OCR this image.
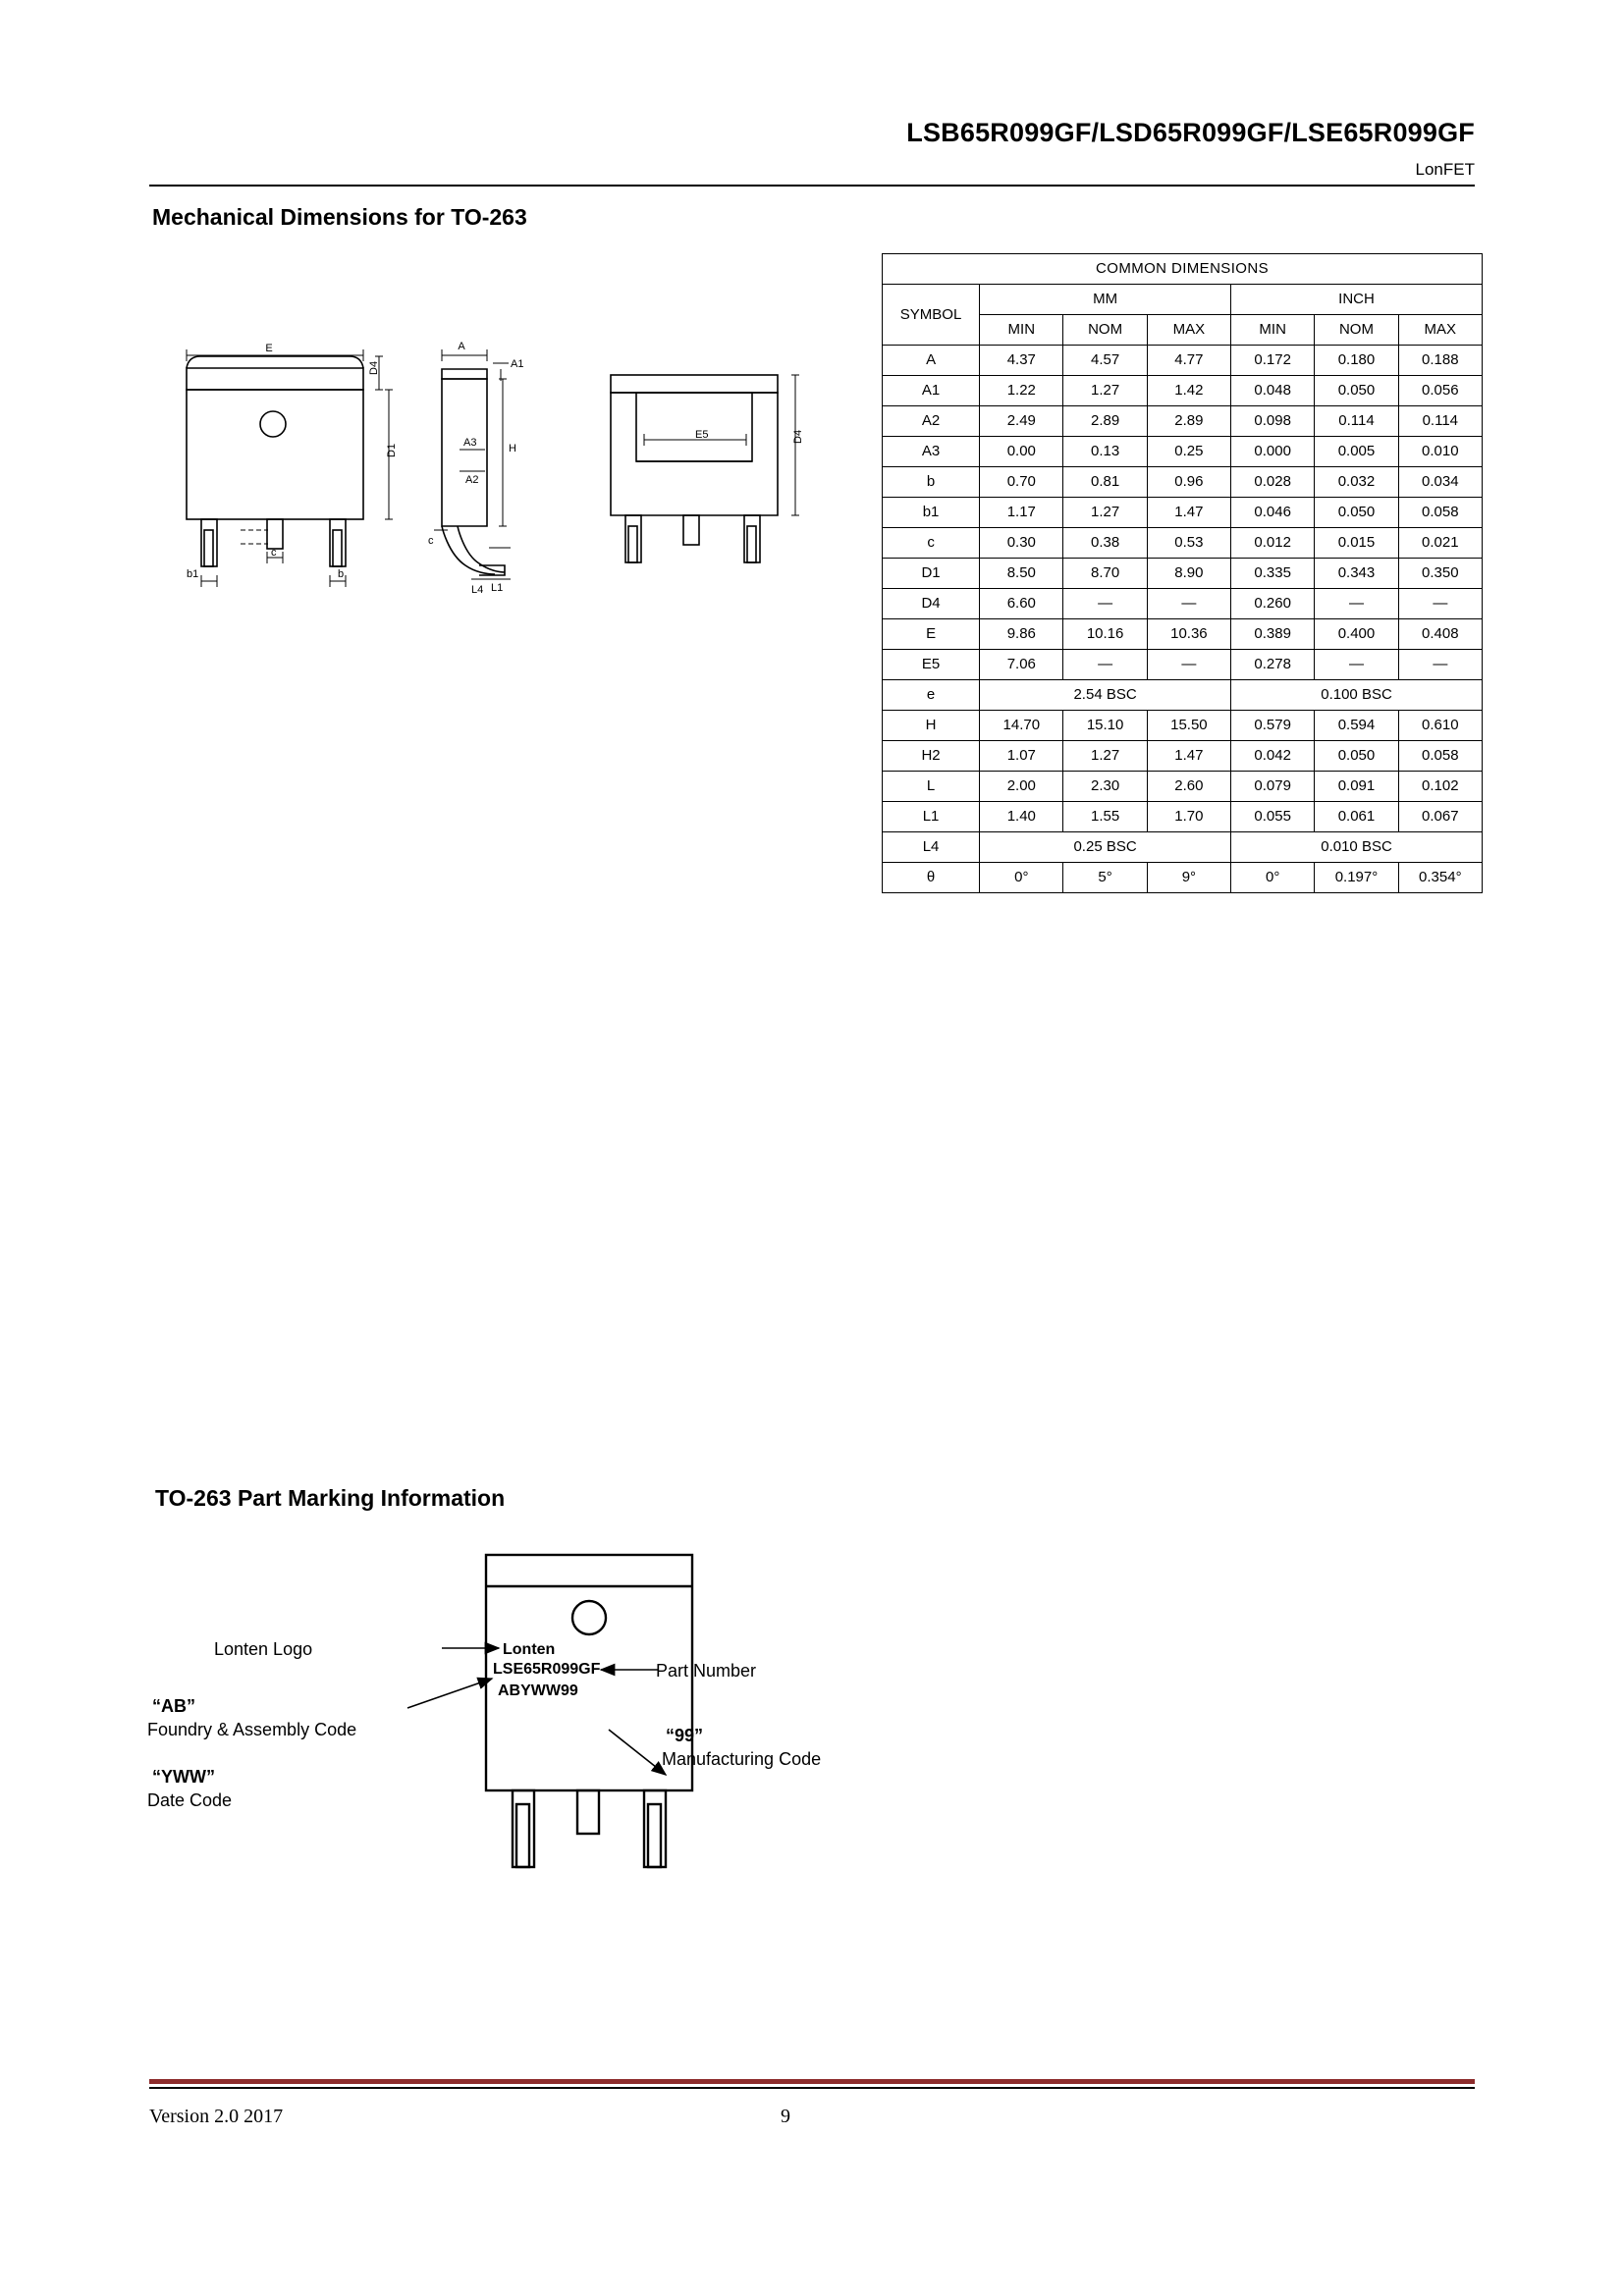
LSB65R099GF/LSD65R099GF/LSE65R099GF
LonFET
Mechanical Dimensions for TO-263
E
D4
D1
b1
c
b
A
A1
A3
A2
H
c
L4 L1
D4
E5
COMMON DIMENSIONS						
SYMBOL	MM			INCH		
	MIN	NOM	MAX	MIN	NOM	MAX
A	4.37	4.57	4.77	0.172	0.180	0.188
A1	1.22	1.27	1.42	0.048	0.050	0.056
A2	2.49	2.89	2.89	0.098	0.114	0.114
A3	0.00	0.13	0.25	0.000	0.005	0.010
b	0.70	0.81	0.96	0.028	0.032	0.034
b1	1.17	1.27	1.47	0.046	0.050	0.058
c	0.30	0.38	0.53	0.012	0.015	0.021
D1	8.50	8.70	8.90	0.335	0.343	0.350
D4	6.60	—	—	0.260	—	—
E	9.86	10.16	10.36	0.389	0.400	0.408
E5	7.06	—	—	0.278	—	—
e	2.54 BSC			0.100 BSC		
H	14.70	15.10	15.50	0.579	0.594	0.610
H2	1.07	1.27	1.47	0.042	0.050	0.058
L	2.00	2.30	2.60	0.079	0.091	0.102
L1	1.40	1.55	1.70	0.055	0.061	0.067
L4	0.25 BSC			0.010 BSC		
θ	0°	5°	9°	0°	0.197°	0.354°
TO-263 Part Marking Information
Lonten
LSE65R099GF
ABYWW99
Lonten Logo
Part Number
“AB”
Foundry & Assembly Code
“YWW”
Date Code
“99”
Manufacturing Code
Version 2.0 2017	9
